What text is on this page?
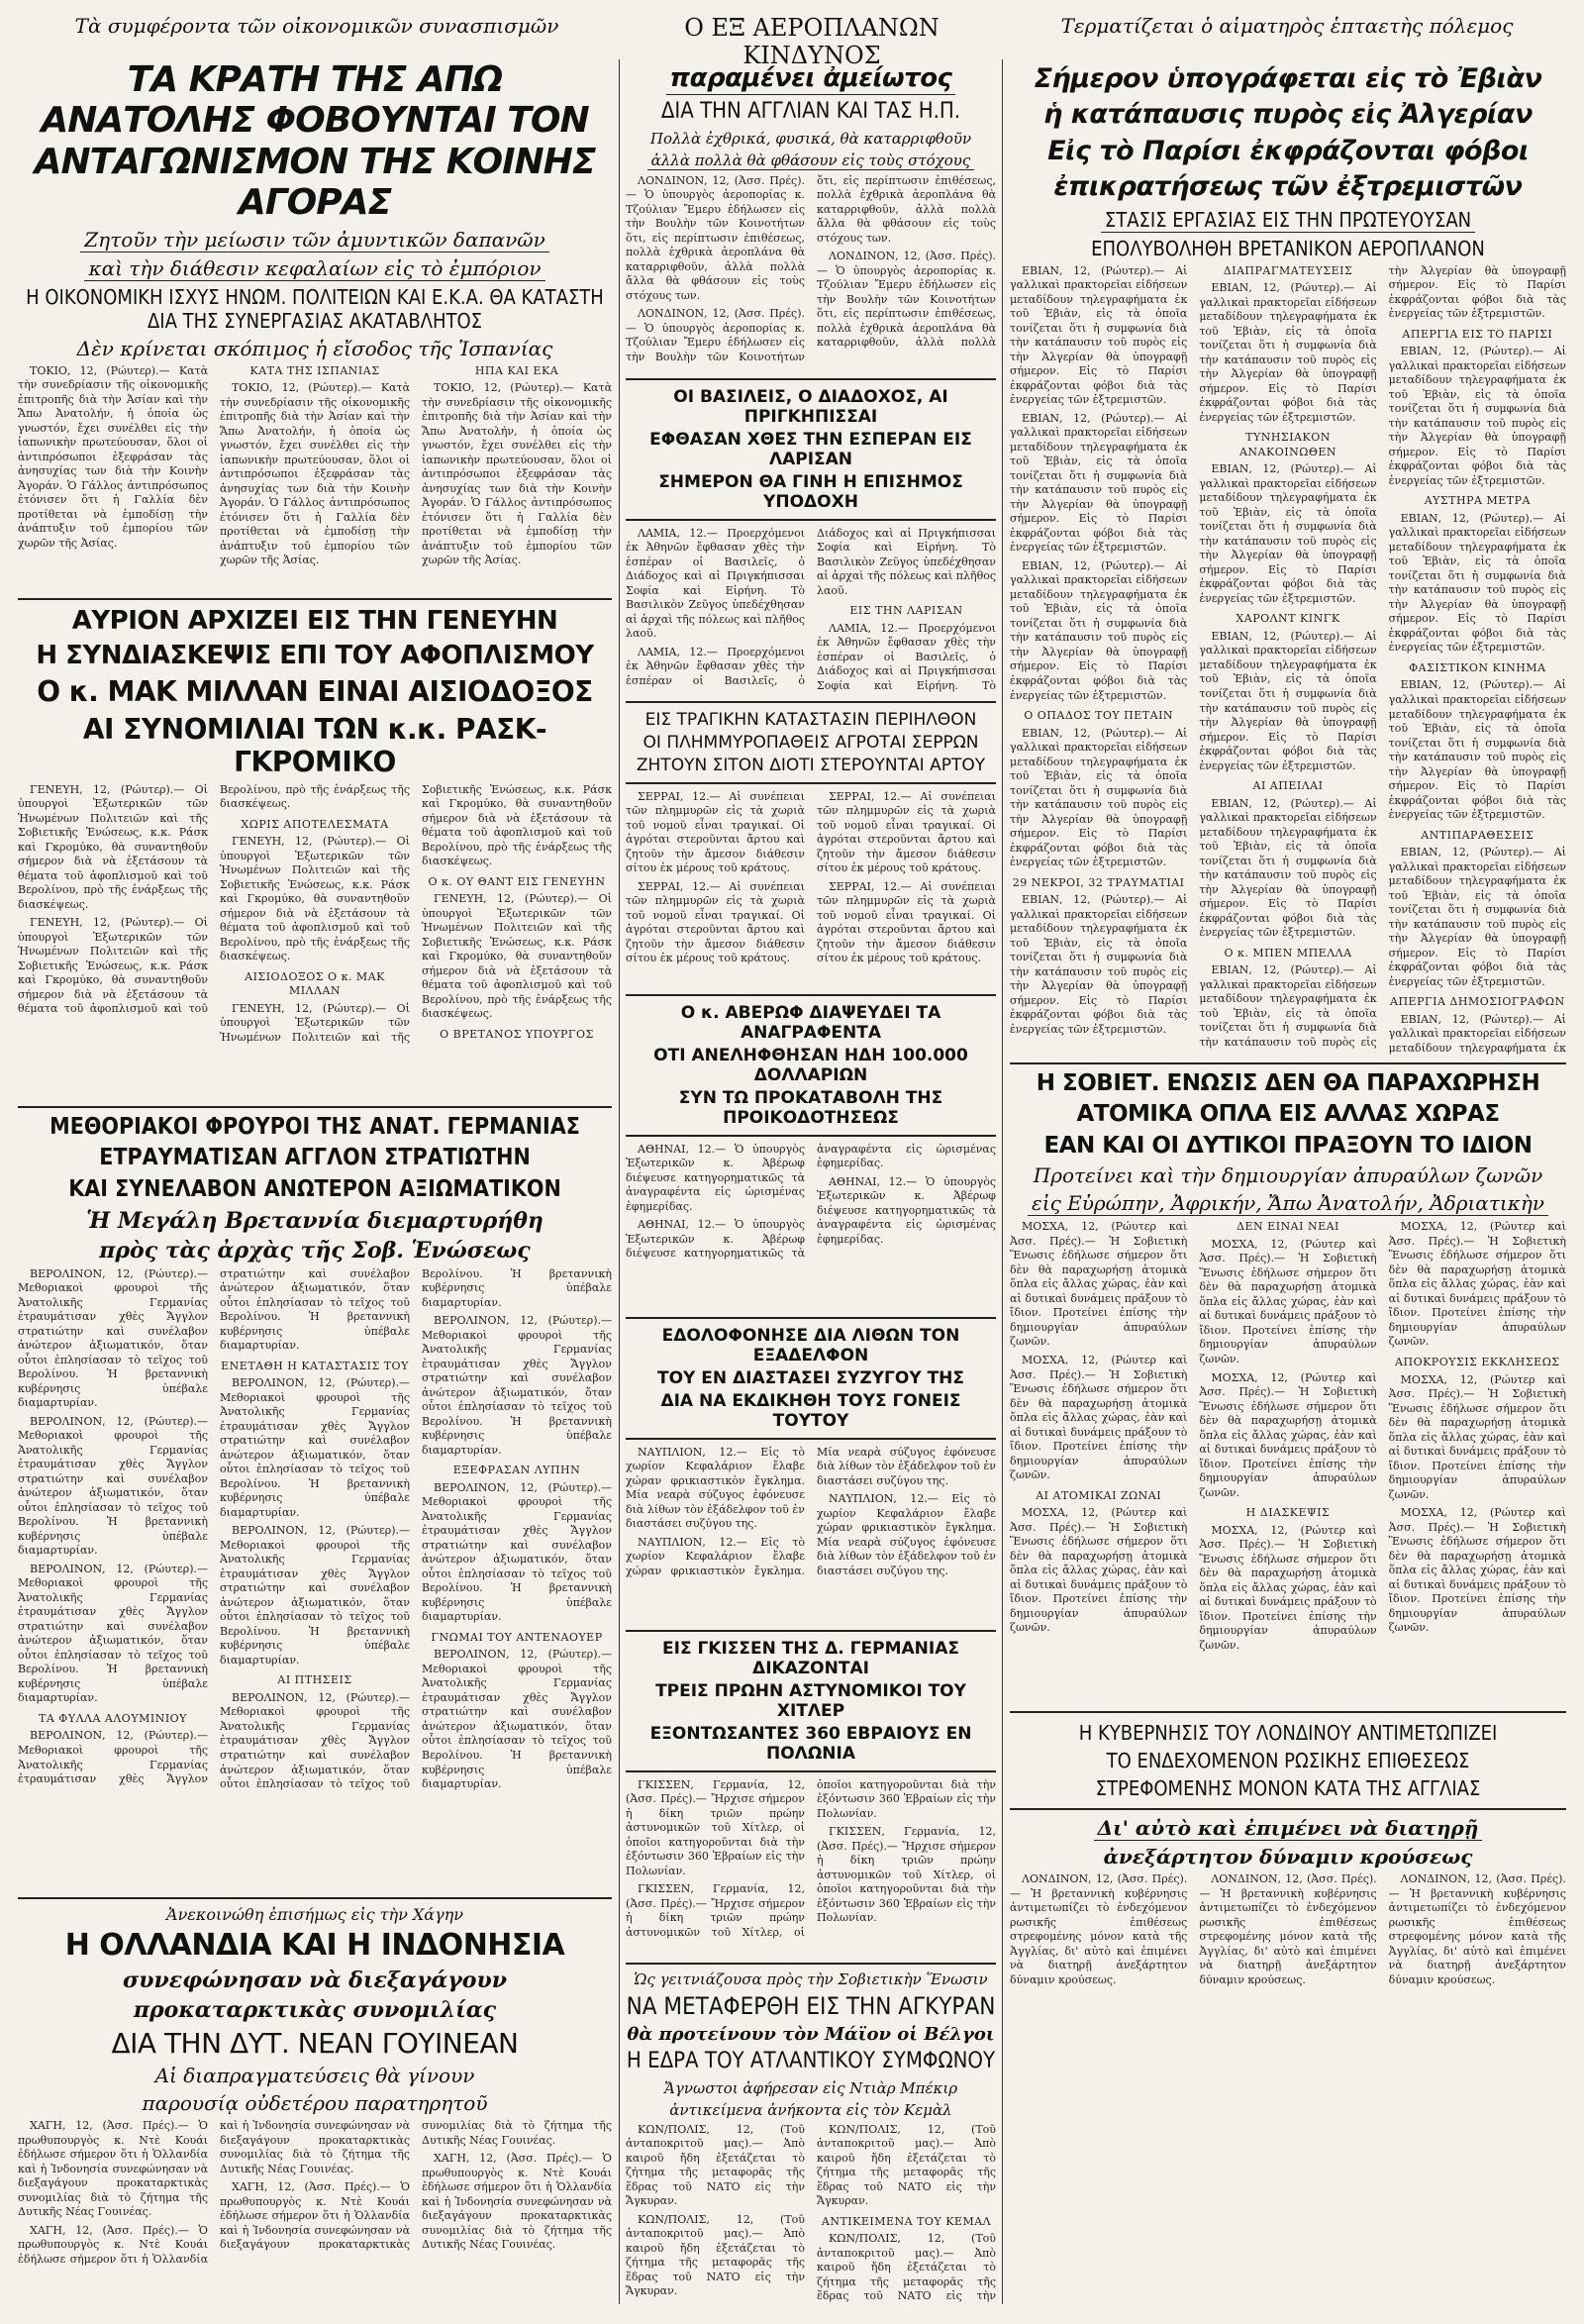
Τὰ συμφέροντα τῶν οἰκονομικῶν συνασπισμῶν	Ο ΕΞ ΑΕΡΟΠΛΑΝΩΝ ΚΙΝΔΥΝΟΣ
Τερματίζεται ὁ αἱματηρὸς ἑπταετὴς πόλεμος
ΤΑ ΚΡΑΤΗ ΤΗΣ ΑΠΩ ΑΝΑΤΟΛΗΣ ΦΟΒΟΥΝΤΑΙ ΤΟΝ ΑΝΤΑΓΩΝΙΣΜΟΝ ΤΗΣ ΚΟΙΝΗΣ ΑΓΟΡΑΣ
Ζητοῦν τὴν μείωσιν τῶν ἀμυντικῶν δαπανῶν
καὶ τὴν διάθεσιν κεφαλαίων εἰς τὸ ἐμπόριον
Η ΟΙΚΟΝΟΜΙΚΗ ΙΣΧΥΣ ΗΝΩΜ. ΠΟΛΙΤΕΙΩΝ ΚΑΙ Ε.Κ.Α. ΘΑ ΚΑΤΑΣΤΗ ΔΙΑ ΤΗΣ ΣΥΝΕΡΓΑΣΙΑΣ ΑΚΑΤΑΒΛΗΤΟΣ
Δὲν κρίνεται σκόπιμος ἡ εἴσοδος τῆς Ἰσπανίας

ΤΟΚΙΟ, 12, (Ρώυτερ).— Κατὰ τὴν συνεδρίασιν τῆς οἰκονομικῆς ἐπιτροπῆς διὰ τὴν Ἀσίαν καὶ τὴν Ἄπω Ἀνατολήν, ἡ ὁποία ὡς γνωστόν, ἔχει συνέλθει εἰς τὴν ἰαπωνικὴν πρωτεύουσαν, ὅλοι οἱ ἀντιπρόσωποι ἐξεφράσαν τὰς ἀνησυχίας των διὰ τὴν Κοινὴν Ἀγοράν. Ὁ Γάλλος ἀντιπρόσωπος ἐτόνισεν ὅτι ἡ Γαλλία δὲν προτίθεται νὰ ἐμποδίσῃ τὴν ἀνάπτυξιν τοῦ ἐμπορίου τῶν χωρῶν τῆς Ἀσίας.

ΚΑΤΑ ΤΗΣ ΙΣΠΑΝΙΑΣ

ΤΟΚΙΟ, 12, (Ρώυτερ).— Κατὰ τὴν συνεδρίασιν τῆς οἰκονομικῆς ἐπιτροπῆς διὰ τὴν Ἀσίαν καὶ τὴν Ἄπω Ἀνατολήν, ἡ ὁποία ὡς γνωστόν, ἔχει συνέλθει εἰς τὴν ἰαπωνικὴν πρωτεύουσαν, ὅλοι οἱ ἀντιπρόσωποι ἐξεφράσαν τὰς ἀνησυχίας των διὰ τὴν Κοινὴν Ἀγοράν. Ὁ Γάλλος ἀντιπρόσωπος ἐτόνισεν ὅτι ἡ Γαλλία δὲν προτίθεται νὰ ἐμποδίσῃ τὴν ἀνάπτυξιν τοῦ ἐμπορίου τῶν χωρῶν τῆς Ἀσίας.

ΗΠΑ ΚΑΙ ΕΚΑ

ΤΟΚΙΟ, 12, (Ρώυτερ).— Κατὰ τὴν συνεδρίασιν τῆς οἰκονομικῆς ἐπιτροπῆς διὰ τὴν Ἀσίαν καὶ τὴν Ἄπω Ἀνατολήν, ἡ ὁποία ὡς γνωστόν, ἔχει συνέλθει εἰς τὴν ἰαπωνικὴν πρωτεύουσαν, ὅλοι οἱ ἀντιπρόσωποι ἐξεφράσαν τὰς ἀνησυχίας των διὰ τὴν Κοινὴν Ἀγοράν. Ὁ Γάλλος ἀντιπρόσωπος ἐτόνισεν ὅτι ἡ Γαλλία δὲν προτίθεται νὰ ἐμποδίσῃ τὴν ἀνάπτυξιν τοῦ ἐμπορίου τῶν χωρῶν τῆς Ἀσίας.

ΑΥΡΙΟΝ ΑΡΧΙΖΕΙ ΕΙΣ ΤΗΝ ΓΕΝΕΥΗΝ
Η ΣΥΝΔΙΑΣΚΕΨΙΣ ΕΠΙ ΤΟΥ ΑΦΟΠΛΙΣΜΟΥ
Ο κ. ΜΑΚ ΜΙΛΛΑΝ ΕΙΝΑΙ ΑΙΣΙΟΔΟΞΟΣ
ΑΙ ΣΥΝΟΜΙΛΙΑΙ ΤΩΝ κ.κ. ΡΑΣΚ-ΓΚΡΟΜΙΚΟ

ΓΕΝΕΥΗ, 12, (Ρώυτερ).— Οἱ ὑπουργοὶ Ἐξωτερικῶν τῶν Ἡνωμένων Πολιτειῶν καὶ τῆς Σοβιετικῆς Ἑνώσεως, κ.κ. Ράσκ καὶ Γκρομύκο, θὰ συναντηθοῦν σήμερον διὰ νὰ ἐξετάσουν τὰ θέματα τοῦ ἀφοπλισμοῦ καὶ τοῦ Βερολίνου, πρὸ τῆς ἐνάρξεως τῆς διασκέψεως.

ΓΕΝΕΥΗ, 12, (Ρώυτερ).— Οἱ ὑπουργοὶ Ἐξωτερικῶν τῶν Ἡνωμένων Πολιτειῶν καὶ τῆς Σοβιετικῆς Ἑνώσεως, κ.κ. Ράσκ καὶ Γκρομύκο, θὰ συναντηθοῦν σήμερον διὰ νὰ ἐξετάσουν τὰ θέματα τοῦ ἀφοπλισμοῦ καὶ τοῦ Βερολίνου, πρὸ τῆς ἐνάρξεως τῆς διασκέψεως.

ΧΩΡΙΣ ΑΠΟΤΕΛΕΣΜΑΤΑ

ΓΕΝΕΥΗ, 12, (Ρώυτερ).— Οἱ ὑπουργοὶ Ἐξωτερικῶν τῶν Ἡνωμένων Πολιτειῶν καὶ τῆς Σοβιετικῆς Ἑνώσεως, κ.κ. Ράσκ καὶ Γκρομύκο, θὰ συναντηθοῦν σήμερον διὰ νὰ ἐξετάσουν τὰ θέματα τοῦ ἀφοπλισμοῦ καὶ τοῦ Βερολίνου, πρὸ τῆς ἐνάρξεως τῆς διασκέψεως.

ΑΙΣΙΟΔΟΞΟΣ Ο κ. ΜΑΚ ΜΙΛΛΑΝ

ΓΕΝΕΥΗ, 12, (Ρώυτερ).— Οἱ ὑπουργοὶ Ἐξωτερικῶν τῶν Ἡνωμένων Πολιτειῶν καὶ τῆς Σοβιετικῆς Ἑνώσεως, κ.κ. Ράσκ καὶ Γκρομύκο, θὰ συναντηθοῦν σήμερον διὰ νὰ ἐξετάσουν τὰ θέματα τοῦ ἀφοπλισμοῦ καὶ τοῦ Βερολίνου, πρὸ τῆς ἐνάρξεως τῆς διασκέψεως.

Ο κ. ΟΥ ΘΑΝΤ ΕΙΣ ΓΕΝΕΥΗΝ

ΓΕΝΕΥΗ, 12, (Ρώυτερ).— Οἱ ὑπουργοὶ Ἐξωτερικῶν τῶν Ἡνωμένων Πολιτειῶν καὶ τῆς Σοβιετικῆς Ἑνώσεως, κ.κ. Ράσκ καὶ Γκρομύκο, θὰ συναντηθοῦν σήμερον διὰ νὰ ἐξετάσουν τὰ θέματα τοῦ ἀφοπλισμοῦ καὶ τοῦ Βερολίνου, πρὸ τῆς ἐνάρξεως τῆς διασκέψεως.

Ο ΒΡΕΤΑΝΟΣ ΥΠΟΥΡΓΟΣ
ΜΕΘΟΡΙΑΚΟΙ ΦΡΟΥΡΟΙ ΤΗΣ ΑΝΑΤ. ΓΕΡΜΑΝΙΑΣ
ΕΤΡΑΥΜΑΤΙΣΑΝ ΑΓΓΛΟΝ ΣΤΡΑΤΙΩΤΗΝ
ΚΑΙ ΣΥΝΕΛΑΒΟΝ ΑΝΩΤΕΡΟΝ ΑΞΙΩΜΑΤΙΚΟΝ
Ἡ Μεγάλη Βρεταννία διεμαρτυρήθη
πρὸς τὰς ἀρχὰς τῆς Σοβ. Ἑνώσεως

ΒΕΡΟΛΙΝΟΝ, 12, (Ρώυτερ).— Μεθοριακοὶ φρουροὶ τῆς Ἀνατολικῆς Γερμανίας ἐτραυμάτισαν χθὲς Ἄγγλον στρατιώτην καὶ συνέλαβον ἀνώτερον ἀξιωματικόν, ὅταν οὗτοι ἐπλησίασαν τὸ τεῖχος τοῦ Βερολίνου. Ἡ βρεταννικὴ κυβέρνησις ὑπέβαλε διαμαρτυρίαν.

ΒΕΡΟΛΙΝΟΝ, 12, (Ρώυτερ).— Μεθοριακοὶ φρουροὶ τῆς Ἀνατολικῆς Γερμανίας ἐτραυμάτισαν χθὲς Ἄγγλον στρατιώτην καὶ συνέλαβον ἀνώτερον ἀξιωματικόν, ὅταν οὗτοι ἐπλησίασαν τὸ τεῖχος τοῦ Βερολίνου. Ἡ βρεταννικὴ κυβέρνησις ὑπέβαλε διαμαρτυρίαν.

ΒΕΡΟΛΙΝΟΝ, 12, (Ρώυτερ).— Μεθοριακοὶ φρουροὶ τῆς Ἀνατολικῆς Γερμανίας ἐτραυμάτισαν χθὲς Ἄγγλον στρατιώτην καὶ συνέλαβον ἀνώτερον ἀξιωματικόν, ὅταν οὗτοι ἐπλησίασαν τὸ τεῖχος τοῦ Βερολίνου. Ἡ βρεταννικὴ κυβέρνησις ὑπέβαλε διαμαρτυρίαν.

ΤΑ ΦΥΛΛΑ ΑΛΟΥΜΙΝΙΟΥ

ΒΕΡΟΛΙΝΟΝ, 12, (Ρώυτερ).— Μεθοριακοὶ φρουροὶ τῆς Ἀνατολικῆς Γερμανίας ἐτραυμάτισαν χθὲς Ἄγγλον στρατιώτην καὶ συνέλαβον ἀνώτερον ἀξιωματικόν, ὅταν οὗτοι ἐπλησίασαν τὸ τεῖχος τοῦ Βερολίνου. Ἡ βρεταννικὴ κυβέρνησις ὑπέβαλε διαμαρτυρίαν.

ΕΝΕΤΑΘΗ Η ΚΑΤΑΣΤΑΣΙΣ ΤΟΥ

ΒΕΡΟΛΙΝΟΝ, 12, (Ρώυτερ).— Μεθοριακοὶ φρουροὶ τῆς Ἀνατολικῆς Γερμανίας ἐτραυμάτισαν χθὲς Ἄγγλον στρατιώτην καὶ συνέλαβον ἀνώτερον ἀξιωματικόν, ὅταν οὗτοι ἐπλησίασαν τὸ τεῖχος τοῦ Βερολίνου. Ἡ βρεταννικὴ κυβέρνησις ὑπέβαλε διαμαρτυρίαν.

ΒΕΡΟΛΙΝΟΝ, 12, (Ρώυτερ).— Μεθοριακοὶ φρουροὶ τῆς Ἀνατολικῆς Γερμανίας ἐτραυμάτισαν χθὲς Ἄγγλον στρατιώτην καὶ συνέλαβον ἀνώτερον ἀξιωματικόν, ὅταν οὗτοι ἐπλησίασαν τὸ τεῖχος τοῦ Βερολίνου. Ἡ βρεταννικὴ κυβέρνησις ὑπέβαλε διαμαρτυρίαν.

ΑΙ ΠΤΗΣΕΙΣ

ΒΕΡΟΛΙΝΟΝ, 12, (Ρώυτερ).— Μεθοριακοὶ φρουροὶ τῆς Ἀνατολικῆς Γερμανίας ἐτραυμάτισαν χθὲς Ἄγγλον στρατιώτην καὶ συνέλαβον ἀνώτερον ἀξιωματικόν, ὅταν οὗτοι ἐπλησίασαν τὸ τεῖχος τοῦ Βερολίνου. Ἡ βρεταννικὴ κυβέρνησις ὑπέβαλε διαμαρτυρίαν.

ΒΕΡΟΛΙΝΟΝ, 12, (Ρώυτερ).— Μεθοριακοὶ φρουροὶ τῆς Ἀνατολικῆς Γερμανίας ἐτραυμάτισαν χθὲς Ἄγγλον στρατιώτην καὶ συνέλαβον ἀνώτερον ἀξιωματικόν, ὅταν οὗτοι ἐπλησίασαν τὸ τεῖχος τοῦ Βερολίνου. Ἡ βρεταννικὴ κυβέρνησις ὑπέβαλε διαμαρτυρίαν.

ΕΞΕΦΡΑΣΑΝ ΛΥΠΗΝ

ΒΕΡΟΛΙΝΟΝ, 12, (Ρώυτερ).— Μεθοριακοὶ φρουροὶ τῆς Ἀνατολικῆς Γερμανίας ἐτραυμάτισαν χθὲς Ἄγγλον στρατιώτην καὶ συνέλαβον ἀνώτερον ἀξιωματικόν, ὅταν οὗτοι ἐπλησίασαν τὸ τεῖχος τοῦ Βερολίνου. Ἡ βρεταννικὴ κυβέρνησις ὑπέβαλε διαμαρτυρίαν.

ΓΝΩΜΑΙ ΤΟΥ ΑΝΤΕΝΑΟΥΕΡ

ΒΕΡΟΛΙΝΟΝ, 12, (Ρώυτερ).— Μεθοριακοὶ φρουροὶ τῆς Ἀνατολικῆς Γερμανίας ἐτραυμάτισαν χθὲς Ἄγγλον στρατιώτην καὶ συνέλαβον ἀνώτερον ἀξιωματικόν, ὅταν οὗτοι ἐπλησίασαν τὸ τεῖχος τοῦ Βερολίνου. Ἡ βρεταννικὴ κυβέρνησις ὑπέβαλε διαμαρτυρίαν.

Ἀνεκοινώθη ἐπισήμως εἰς τὴν Χάγην
Η ΟΛΛΑΝΔΙΑ ΚΑΙ Η ΙΝΔΟΝΗΣΙΑ
συνεφώνησαν νὰ διεξαγάγουν
προκαταρκτικὰς συνομιλίας
ΔΙΑ ΤΗΝ ΔΥΤ. ΝΕΑΝ ΓΟΥΙΝΕΑΝ
Αἱ διαπραγματεύσεις θὰ γίνουν
παρουσίᾳ οὐδετέρου παρατηρητοῦ

ΧΑΓΗ, 12, (Ἀσσ. Πρές).— Ὁ πρωθυπουργὸς κ. Ντὲ Κουάι ἐδήλωσε σήμερον ὅτι ἡ Ὁλλανδία καὶ ἡ Ἰνδονησία συνεφώνησαν νὰ διεξαγάγουν προκαταρκτικὰς συνομιλίας διὰ τὸ ζήτημα τῆς Δυτικῆς Νέας Γουινέας.

ΧΑΓΗ, 12, (Ἀσσ. Πρές).— Ὁ πρωθυπουργὸς κ. Ντὲ Κουάι ἐδήλωσε σήμερον ὅτι ἡ Ὁλλανδία καὶ ἡ Ἰνδονησία συνεφώνησαν νὰ διεξαγάγουν προκαταρκτικὰς συνομιλίας διὰ τὸ ζήτημα τῆς Δυτικῆς Νέας Γουινέας.

ΧΑΓΗ, 12, (Ἀσσ. Πρές).— Ὁ πρωθυπουργὸς κ. Ντὲ Κουάι ἐδήλωσε σήμερον ὅτι ἡ Ὁλλανδία καὶ ἡ Ἰνδονησία συνεφώνησαν νὰ διεξαγάγουν προκαταρκτικὰς συνομιλίας διὰ τὸ ζήτημα τῆς Δυτικῆς Νέας Γουινέας.

ΧΑΓΗ, 12, (Ἀσσ. Πρές).— Ὁ πρωθυπουργὸς κ. Ντὲ Κουάι ἐδήλωσε σήμερον ὅτι ἡ Ὁλλανδία καὶ ἡ Ἰνδονησία συνεφώνησαν νὰ διεξαγάγουν προκαταρκτικὰς συνομιλίας διὰ τὸ ζήτημα τῆς Δυτικῆς Νέας Γουινέας.

παραμένει ἀμείωτος
ΔΙΑ ΤΗΝ ΑΓΓΛΙΑΝ ΚΑΙ ΤΑΣ Η.Π.
Πολλὰ ἐχθρικά, φυσικά, θὰ καταρριφθοῦν
ἀλλὰ πολλὰ θὰ φθάσουν εἰς τοὺς στόχους

ΛΟΝΔΙΝΟΝ, 12, (Ἀσσ. Πρές).— Ὁ ὑπουργὸς ἀεροπορίας κ. Τζούλιαν Ἔμερυ ἐδήλωσεν εἰς τὴν Βουλὴν τῶν Κοινοτήτων ὅτι, εἰς περίπτωσιν ἐπιθέσεως, πολλὰ ἐχθρικὰ ἀεροπλάνα θὰ καταρριφθοῦν, ἀλλὰ πολλὰ ἄλλα θὰ φθάσουν εἰς τοὺς στόχους των.

ΛΟΝΔΙΝΟΝ, 12, (Ἀσσ. Πρές).— Ὁ ὑπουργὸς ἀεροπορίας κ. Τζούλιαν Ἔμερυ ἐδήλωσεν εἰς τὴν Βουλὴν τῶν Κοινοτήτων ὅτι, εἰς περίπτωσιν ἐπιθέσεως, πολλὰ ἐχθρικὰ ἀεροπλάνα θὰ καταρριφθοῦν, ἀλλὰ πολλὰ ἄλλα θὰ φθάσουν εἰς τοὺς στόχους των.

ΛΟΝΔΙΝΟΝ, 12, (Ἀσσ. Πρές).— Ὁ ὑπουργὸς ἀεροπορίας κ. Τζούλιαν Ἔμερυ ἐδήλωσεν εἰς τὴν Βουλὴν τῶν Κοινοτήτων ὅτι, εἰς περίπτωσιν ἐπιθέσεως, πολλὰ ἐχθρικὰ ἀεροπλάνα θὰ καταρριφθοῦν, ἀλλὰ πολλὰ

ΟΙ ΒΑΣΙΛΕΙΣ, Ο ΔΙΑΔΟΧΟΣ, ΑΙ ΠΡΙΓΚΗΠΙΣΣΑΙ
ΕΦΘΑΣΑΝ ΧΘΕΣ ΤΗΝ ΕΣΠΕΡΑΝ ΕΙΣ ΛΑΡΙΣΑΝ
ΣΗΜΕΡΟΝ ΘΑ ΓΙΝΗ Η ΕΠΙΣΗΜΟΣ ΥΠΟΔΟΧΗ

ΛΑΜΙΑ, 12.— Προερχόμενοι ἐκ Ἀθηνῶν ἔφθασαν χθὲς τὴν ἑσπέραν οἱ Βασιλεῖς, ὁ Διάδοχος καὶ αἱ Πριγκήπισσαι Σοφία καὶ Εἰρήνη. Τὸ Βασιλικὸν Ζεῦγος ὑπεδέχθησαν αἱ ἀρχαὶ τῆς πόλεως καὶ πλῆθος λαοῦ.

ΛΑΜΙΑ, 12.— Προερχόμενοι ἐκ Ἀθηνῶν ἔφθασαν χθὲς τὴν ἑσπέραν οἱ Βασιλεῖς, ὁ Διάδοχος καὶ αἱ Πριγκήπισσαι Σοφία καὶ Εἰρήνη. Τὸ Βασιλικὸν Ζεῦγος ὑπεδέχθησαν αἱ ἀρχαὶ τῆς πόλεως καὶ πλῆθος λαοῦ.

ΕΙΣ ΤΗΝ ΛΑΡΙΣΑΝ

ΛΑΜΙΑ, 12.— Προερχόμενοι ἐκ Ἀθηνῶν ἔφθασαν χθὲς τὴν ἑσπέραν οἱ Βασιλεῖς, ὁ Διάδοχος καὶ αἱ Πριγκήπισσαι Σοφία καὶ Εἰρήνη. Τὸ

ΕΙΣ ΤΡΑΓΙΚΗΝ ΚΑΤΑΣΤΑΣΙΝ ΠΕΡΙΗΛΘΟΝ
ΟΙ ΠΛΗΜΜΥΡΟΠΑΘΕΙΣ ΑΓΡΟΤΑΙ ΣΕΡΡΩΝ
ΖΗΤΟΥΝ ΣΙΤΟΝ ΔΙΟΤΙ ΣΤΕΡΟΥΝΤΑΙ ΑΡΤΟΥ

ΣΕΡΡΑΙ, 12.— Αἱ συνέπειαι τῶν πλημμυρῶν εἰς τὰ χωριὰ τοῦ νομοῦ εἶναι τραγικαί. Οἱ ἀγρόται στεροῦνται ἄρτου καὶ ζητοῦν τὴν ἄμεσον διάθεσιν σίτου ἐκ μέρους τοῦ κράτους.

ΣΕΡΡΑΙ, 12.— Αἱ συνέπειαι τῶν πλημμυρῶν εἰς τὰ χωριὰ τοῦ νομοῦ εἶναι τραγικαί. Οἱ ἀγρόται στεροῦνται ἄρτου καὶ ζητοῦν τὴν ἄμεσον διάθεσιν σίτου ἐκ μέρους τοῦ κράτους.

ΣΕΡΡΑΙ, 12.— Αἱ συνέπειαι τῶν πλημμυρῶν εἰς τὰ χωριὰ τοῦ νομοῦ εἶναι τραγικαί. Οἱ ἀγρόται στεροῦνται ἄρτου καὶ ζητοῦν τὴν ἄμεσον διάθεσιν σίτου ἐκ μέρους τοῦ κράτους.

ΣΕΡΡΑΙ, 12.— Αἱ συνέπειαι τῶν πλημμυρῶν εἰς τὰ χωριὰ τοῦ νομοῦ εἶναι τραγικαί. Οἱ ἀγρόται στεροῦνται ἄρτου καὶ ζητοῦν τὴν ἄμεσον διάθεσιν σίτου ἐκ μέρους τοῦ κράτους.

Ο κ. ΑΒΕΡΩΦ ΔΙΑΨΕΥΔΕΙ ΤΑ ΑΝΑΓΡΑΦΕΝΤΑ
ΟΤΙ ΑΝΕΛΗΦΘΗΣΑΝ ΗΔΗ 100.000 ΔΟΛΛΑΡΙΩΝ
ΣΥΝ ΤΩ ΠΡΟΚΑΤΑΒΟΛΗ ΤΗΣ ΠΡΟΙΚΟΔΟΤΗΣΕΩΣ

ΑΘΗΝΑΙ, 12.— Ὁ ὑπουργὸς Ἐξωτερικῶν κ. Ἀβέρωφ διέψευσε κατηγορηματικῶς τὰ ἀναγραφέντα εἰς ὡρισμένας ἐφημερίδας.

ΑΘΗΝΑΙ, 12.— Ὁ ὑπουργὸς Ἐξωτερικῶν κ. Ἀβέρωφ διέψευσε κατηγορηματικῶς τὰ ἀναγραφέντα εἰς ὡρισμένας ἐφημερίδας.

ΑΘΗΝΑΙ, 12.— Ὁ ὑπουργὸς Ἐξωτερικῶν κ. Ἀβέρωφ διέψευσε κατηγορηματικῶς τὰ ἀναγραφέντα εἰς ὡρισμένας ἐφημερίδας.

ΕΔΟΛΟΦΟΝΗΣΕ ΔΙΑ ΛΙΘΩΝ ΤΟΝ ΕΞΑΔΕΛΦΟΝ
ΤΟΥ ΕΝ ΔΙΑΣΤΑΣΕΙ ΣΥΖΥΓΟΥ ΤΗΣ
ΔΙΑ ΝΑ ΕΚΔΙΚΗΘΗ ΤΟΥΣ ΓΟΝΕΙΣ ΤΟΥΤΟΥ

ΝΑΥΠΛΙΟΝ, 12.— Εἰς τὸ χωρίον Κεφαλάριον ἔλαβε χώραν φρικιαστικὸν ἔγκλημα. Μία νεαρὰ σύζυγος ἐφόνευσε διὰ λίθων τὸν ἐξάδελφον τοῦ ἐν διαστάσει συζύγου της.

ΝΑΥΠΛΙΟΝ, 12.— Εἰς τὸ χωρίον Κεφαλάριον ἔλαβε χώραν φρικιαστικὸν ἔγκλημα. Μία νεαρὰ σύζυγος ἐφόνευσε διὰ λίθων τὸν ἐξάδελφον τοῦ ἐν διαστάσει συζύγου της.

ΝΑΥΠΛΙΟΝ, 12.— Εἰς τὸ χωρίον Κεφαλάριον ἔλαβε χώραν φρικιαστικὸν ἔγκλημα. Μία νεαρὰ σύζυγος ἐφόνευσε διὰ λίθων τὸν ἐξάδελφον τοῦ ἐν διαστάσει συζύγου της.

ΕΙΣ ΓΚΙΣΣΕΝ ΤΗΣ Δ. ΓΕΡΜΑΝΙΑΣ ΔΙΚΑΖΟΝΤΑΙ
ΤΡΕΙΣ ΠΡΩΗΝ ΑΣΤΥΝΟΜΙΚΟΙ ΤΟΥ ΧΙΤΛΕΡ
ΕΞΟΝΤΩΣΑΝΤΕΣ 360 ΕΒΡΑΙΟΥΣ ΕΝ ΠΟΛΩΝΙΑ

ΓΚΙΣΣΕΝ, Γερμανία, 12, (Ἀσσ. Πρές).— Ἤρχισε σήμερον ἡ δίκη τριῶν πρώην ἀστυνομικῶν τοῦ Χίτλερ, οἱ ὁποῖοι κατηγοροῦνται διὰ τὴν ἐξόντωσιν 360 Ἑβραίων εἰς τὴν Πολωνίαν.

ΓΚΙΣΣΕΝ, Γερμανία, 12, (Ἀσσ. Πρές).— Ἤρχισε σήμερον ἡ δίκη τριῶν πρώην ἀστυνομικῶν τοῦ Χίτλερ, οἱ ὁποῖοι κατηγοροῦνται διὰ τὴν ἐξόντωσιν 360 Ἑβραίων εἰς τὴν Πολωνίαν.

ΓΚΙΣΣΕΝ, Γερμανία, 12, (Ἀσσ. Πρές).— Ἤρχισε σήμερον ἡ δίκη τριῶν πρώην ἀστυνομικῶν τοῦ Χίτλερ, οἱ ὁποῖοι κατηγοροῦνται διὰ τὴν ἐξόντωσιν 360 Ἑβραίων εἰς τὴν Πολωνίαν.

Ὡς γειτνιάζουσα πρὸς τὴν Σοβιετικὴν Ἕνωσιν
ΝΑ ΜΕΤΑΦΕΡΘΗ ΕΙΣ ΤΗΝ ΑΓΚΥΡΑΝ
θὰ προτείνουν τὸν Μάϊον οἱ Βέλγοι
Η ΕΔΡΑ ΤΟΥ ΑΤΛΑΝΤΙΚΟΥ ΣΥΜΦΩΝΟΥ
Ἄγνωστοι ἀφήρεσαν εἰς Ντιὰρ Μπέκιρ
ἀντικείμενα ἀνήκοντα εἰς τὸν Κεμὰλ

ΚΩΝ/ΠΟΛΙΣ, 12, (Τοῦ ἀνταποκριτοῦ μας).— Ἀπὸ καιροῦ ἤδη ἐξετάζεται τὸ ζήτημα τῆς μεταφορᾶς τῆς ἕδρας τοῦ ΝΑΤΟ εἰς τὴν Ἄγκυραν.

ΚΩΝ/ΠΟΛΙΣ, 12, (Τοῦ ἀνταποκριτοῦ μας).— Ἀπὸ καιροῦ ἤδη ἐξετάζεται τὸ ζήτημα τῆς μεταφορᾶς τῆς ἕδρας τοῦ ΝΑΤΟ εἰς τὴν Ἄγκυραν.

ΚΩΝ/ΠΟΛΙΣ, 12, (Τοῦ ἀνταποκριτοῦ μας).— Ἀπὸ καιροῦ ἤδη ἐξετάζεται τὸ ζήτημα τῆς μεταφορᾶς τῆς ἕδρας τοῦ ΝΑΤΟ εἰς τὴν Ἄγκυραν.

ΑΝΤΙΚΕΙΜΕΝΑ ΤΟΥ ΚΕΜΑΛ

ΚΩΝ/ΠΟΛΙΣ, 12, (Τοῦ ἀνταποκριτοῦ μας).— Ἀπὸ καιροῦ ἤδη ἐξετάζεται τὸ ζήτημα τῆς μεταφορᾶς τῆς ἕδρας τοῦ ΝΑΤΟ εἰς τὴν

Σήμερον ὑπογράφεται εἰς τὸ Ἐβιὰν
ἡ κατάπαυσις πυρὸς εἰς Ἀλγερίαν
Εἰς τὸ Παρίσι ἐκφράζονται φόβοι
ἐπικρατήσεως τῶν ἐξτρεμιστῶν
ΣΤΑΣΙΣ ΕΡΓΑΣΙΑΣ ΕΙΣ ΤΗΝ ΠΡΩΤΕΥΟΥΣΑΝ
ΕΠΟΛΥΒΟΛΗΘΗ ΒΡΕΤΑΝΙΚΟΝ ΑΕΡΟΠΛΑΝΟΝ

ΕΒΙΑΝ, 12, (Ρώυτερ).— Αἱ γαλλικαὶ πρακτορεῖαι εἰδήσεων μεταδίδουν τηλεγραφήματα ἐκ τοῦ Ἐβιὰν, εἰς τὰ ὁποῖα τονίζεται ὅτι ἡ συμφωνία διὰ τὴν κατάπαυσιν τοῦ πυρὸς εἰς τὴν Ἀλγερίαν θὰ ὑπογραφῇ σήμερον. Εἰς τὸ Παρίσι ἐκφράζονται φόβοι διὰ τὰς ἐνεργείας τῶν ἐξτρεμιστῶν.

ΕΒΙΑΝ, 12, (Ρώυτερ).— Αἱ γαλλικαὶ πρακτορεῖαι εἰδήσεων μεταδίδουν τηλεγραφήματα ἐκ τοῦ Ἐβιὰν, εἰς τὰ ὁποῖα τονίζεται ὅτι ἡ συμφωνία διὰ τὴν κατάπαυσιν τοῦ πυρὸς εἰς τὴν Ἀλγερίαν θὰ ὑπογραφῇ σήμερον. Εἰς τὸ Παρίσι ἐκφράζονται φόβοι διὰ τὰς ἐνεργείας τῶν ἐξτρεμιστῶν.

ΕΒΙΑΝ, 12, (Ρώυτερ).— Αἱ γαλλικαὶ πρακτορεῖαι εἰδήσεων μεταδίδουν τηλεγραφήματα ἐκ τοῦ Ἐβιὰν, εἰς τὰ ὁποῖα τονίζεται ὅτι ἡ συμφωνία διὰ τὴν κατάπαυσιν τοῦ πυρὸς εἰς τὴν Ἀλγερίαν θὰ ὑπογραφῇ σήμερον. Εἰς τὸ Παρίσι ἐκφράζονται φόβοι διὰ τὰς ἐνεργείας τῶν ἐξτρεμιστῶν.

Ο ΟΠΑΔΟΣ ΤΟΥ ΠΕΤΑΙΝ

ΕΒΙΑΝ, 12, (Ρώυτερ).— Αἱ γαλλικαὶ πρακτορεῖαι εἰδήσεων μεταδίδουν τηλεγραφήματα ἐκ τοῦ Ἐβιὰν, εἰς τὰ ὁποῖα τονίζεται ὅτι ἡ συμφωνία διὰ τὴν κατάπαυσιν τοῦ πυρὸς εἰς τὴν Ἀλγερίαν θὰ ὑπογραφῇ σήμερον. Εἰς τὸ Παρίσι ἐκφράζονται φόβοι διὰ τὰς ἐνεργείας τῶν ἐξτρεμιστῶν.

29 ΝΕΚΡΟΙ, 32 ΤΡΑΥΜΑΤΙΑΙ

ΕΒΙΑΝ, 12, (Ρώυτερ).— Αἱ γαλλικαὶ πρακτορεῖαι εἰδήσεων μεταδίδουν τηλεγραφήματα ἐκ τοῦ Ἐβιὰν, εἰς τὰ ὁποῖα τονίζεται ὅτι ἡ συμφωνία διὰ τὴν κατάπαυσιν τοῦ πυρὸς εἰς τὴν Ἀλγερίαν θὰ ὑπογραφῇ σήμερον. Εἰς τὸ Παρίσι ἐκφράζονται φόβοι διὰ τὰς ἐνεργείας τῶν ἐξτρεμιστῶν.

ΔΙΑΠΡΑΓΜΑΤΕΥΣΕΙΣ

ΕΒΙΑΝ, 12, (Ρώυτερ).— Αἱ γαλλικαὶ πρακτορεῖαι εἰδήσεων μεταδίδουν τηλεγραφήματα ἐκ τοῦ Ἐβιὰν, εἰς τὰ ὁποῖα τονίζεται ὅτι ἡ συμφωνία διὰ τὴν κατάπαυσιν τοῦ πυρὸς εἰς τὴν Ἀλγερίαν θὰ ὑπογραφῇ σήμερον. Εἰς τὸ Παρίσι ἐκφράζονται φόβοι διὰ τὰς ἐνεργείας τῶν ἐξτρεμιστῶν.

ΤΥΝΗΣΙΑΚΟΝ ΑΝΑΚΟΙΝΩΘΕΝ

ΕΒΙΑΝ, 12, (Ρώυτερ).— Αἱ γαλλικαὶ πρακτορεῖαι εἰδήσεων μεταδίδουν τηλεγραφήματα ἐκ τοῦ Ἐβιὰν, εἰς τὰ ὁποῖα τονίζεται ὅτι ἡ συμφωνία διὰ τὴν κατάπαυσιν τοῦ πυρὸς εἰς τὴν Ἀλγερίαν θὰ ὑπογραφῇ σήμερον. Εἰς τὸ Παρίσι ἐκφράζονται φόβοι διὰ τὰς ἐνεργείας τῶν ἐξτρεμιστῶν.

ΧΑΡΟΛΝΤ ΚΙΝΓΚ

ΕΒΙΑΝ, 12, (Ρώυτερ).— Αἱ γαλλικαὶ πρακτορεῖαι εἰδήσεων μεταδίδουν τηλεγραφήματα ἐκ τοῦ Ἐβιὰν, εἰς τὰ ὁποῖα τονίζεται ὅτι ἡ συμφωνία διὰ τὴν κατάπαυσιν τοῦ πυρὸς εἰς τὴν Ἀλγερίαν θὰ ὑπογραφῇ σήμερον. Εἰς τὸ Παρίσι ἐκφράζονται φόβοι διὰ τὰς ἐνεργείας τῶν ἐξτρεμιστῶν.

ΑΙ ΑΠΕΙΛΑΙ

ΕΒΙΑΝ, 12, (Ρώυτερ).— Αἱ γαλλικαὶ πρακτορεῖαι εἰδήσεων μεταδίδουν τηλεγραφήματα ἐκ τοῦ Ἐβιὰν, εἰς τὰ ὁποῖα τονίζεται ὅτι ἡ συμφωνία διὰ τὴν κατάπαυσιν τοῦ πυρὸς εἰς τὴν Ἀλγερίαν θὰ ὑπογραφῇ σήμερον. Εἰς τὸ Παρίσι ἐκφράζονται φόβοι διὰ τὰς ἐνεργείας τῶν ἐξτρεμιστῶν.

Ο κ. ΜΠΕΝ ΜΠΕΛΛΑ

ΕΒΙΑΝ, 12, (Ρώυτερ).— Αἱ γαλλικαὶ πρακτορεῖαι εἰδήσεων μεταδίδουν τηλεγραφήματα ἐκ τοῦ Ἐβιὰν, εἰς τὰ ὁποῖα τονίζεται ὅτι ἡ συμφωνία διὰ τὴν κατάπαυσιν τοῦ πυρὸς εἰς τὴν Ἀλγερίαν θὰ ὑπογραφῇ σήμερον. Εἰς τὸ Παρίσι ἐκφράζονται φόβοι διὰ τὰς ἐνεργείας τῶν ἐξτρεμιστῶν.

ΑΠΕΡΓΙΑ ΕΙΣ ΤΟ ΠΑΡΙΣΙ

ΕΒΙΑΝ, 12, (Ρώυτερ).— Αἱ γαλλικαὶ πρακτορεῖαι εἰδήσεων μεταδίδουν τηλεγραφήματα ἐκ τοῦ Ἐβιὰν, εἰς τὰ ὁποῖα τονίζεται ὅτι ἡ συμφωνία διὰ τὴν κατάπαυσιν τοῦ πυρὸς εἰς τὴν Ἀλγερίαν θὰ ὑπογραφῇ σήμερον. Εἰς τὸ Παρίσι ἐκφράζονται φόβοι διὰ τὰς ἐνεργείας τῶν ἐξτρεμιστῶν.

ΑΥΣΤΗΡΑ ΜΕΤΡΑ

ΕΒΙΑΝ, 12, (Ρώυτερ).— Αἱ γαλλικαὶ πρακτορεῖαι εἰδήσεων μεταδίδουν τηλεγραφήματα ἐκ τοῦ Ἐβιὰν, εἰς τὰ ὁποῖα τονίζεται ὅτι ἡ συμφωνία διὰ τὴν κατάπαυσιν τοῦ πυρὸς εἰς τὴν Ἀλγερίαν θὰ ὑπογραφῇ σήμερον. Εἰς τὸ Παρίσι ἐκφράζονται φόβοι διὰ τὰς ἐνεργείας τῶν ἐξτρεμιστῶν.

ΦΑΣΙΣΤΙΚΟΝ ΚΙΝΗΜΑ

ΕΒΙΑΝ, 12, (Ρώυτερ).— Αἱ γαλλικαὶ πρακτορεῖαι εἰδήσεων μεταδίδουν τηλεγραφήματα ἐκ τοῦ Ἐβιὰν, εἰς τὰ ὁποῖα τονίζεται ὅτι ἡ συμφωνία διὰ τὴν κατάπαυσιν τοῦ πυρὸς εἰς τὴν Ἀλγερίαν θὰ ὑπογραφῇ σήμερον. Εἰς τὸ Παρίσι ἐκφράζονται φόβοι διὰ τὰς ἐνεργείας τῶν ἐξτρεμιστῶν.

ΑΝΤΙΠΑΡΑΘΕΣΕΙΣ

ΕΒΙΑΝ, 12, (Ρώυτερ).— Αἱ γαλλικαὶ πρακτορεῖαι εἰδήσεων μεταδίδουν τηλεγραφήματα ἐκ τοῦ Ἐβιὰν, εἰς τὰ ὁποῖα τονίζεται ὅτι ἡ συμφωνία διὰ τὴν κατάπαυσιν τοῦ πυρὸς εἰς τὴν Ἀλγερίαν θὰ ὑπογραφῇ σήμερον. Εἰς τὸ Παρίσι ἐκφράζονται φόβοι διὰ τὰς ἐνεργείας τῶν ἐξτρεμιστῶν.

ΑΠΕΡΓΙΑ ΔΗΜΟΣΙΟΓΡΑΦΩΝ

ΕΒΙΑΝ, 12, (Ρώυτερ).— Αἱ γαλλικαὶ πρακτορεῖαι εἰδήσεων μεταδίδουν τηλεγραφήματα ἐκ

Η ΣΟΒΙΕΤ. ΕΝΩΣΙΣ ΔΕΝ ΘΑ ΠΑΡΑΧΩΡΗΣΗ
ΑΤΟΜΙΚΑ ΟΠΛΑ ΕΙΣ ΑΛΛΑΣ ΧΩΡΑΣ
ΕΑΝ ΚΑΙ ΟΙ ΔΥΤΙΚΟΙ ΠΡΑΞΟΥΝ ΤΟ ΙΔΙΟΝ
Προτείνει καὶ τὴν δημιουργίαν ἀπυραύλων ζωνῶν
εἰς Εὐρώπην, Ἀφρικήν, Ἄπω Ἀνατολήν, Ἀδριατικὴν

ΜΟΣΧΑ, 12, (Ρώυτερ καὶ Ἀσσ. Πρές).— Ἡ Σοβιετικὴ Ἕνωσις ἐδήλωσε σήμερον ὅτι δὲν θὰ παραχωρήσῃ ἀτομικὰ ὅπλα εἰς ἄλλας χώρας, ἐὰν καὶ αἱ δυτικαὶ δυνάμεις πράξουν τὸ ἴδιον. Προτείνει ἐπίσης τὴν δημιουργίαν ἀπυραύλων ζωνῶν.

ΜΟΣΧΑ, 12, (Ρώυτερ καὶ Ἀσσ. Πρές).— Ἡ Σοβιετικὴ Ἕνωσις ἐδήλωσε σήμερον ὅτι δὲν θὰ παραχωρήσῃ ἀτομικὰ ὅπλα εἰς ἄλλας χώρας, ἐὰν καὶ αἱ δυτικαὶ δυνάμεις πράξουν τὸ ἴδιον. Προτείνει ἐπίσης τὴν δημιουργίαν ἀπυραύλων ζωνῶν.

ΑΙ ΑΤΟΜΙΚΑΙ ΖΩΝΑΙ

ΜΟΣΧΑ, 12, (Ρώυτερ καὶ Ἀσσ. Πρές).— Ἡ Σοβιετικὴ Ἕνωσις ἐδήλωσε σήμερον ὅτι δὲν θὰ παραχωρήσῃ ἀτομικὰ ὅπλα εἰς ἄλλας χώρας, ἐὰν καὶ αἱ δυτικαὶ δυνάμεις πράξουν τὸ ἴδιον. Προτείνει ἐπίσης τὴν δημιουργίαν ἀπυραύλων ζωνῶν.

ΔΕΝ ΕΙΝΑΙ ΝΕΑΙ

ΜΟΣΧΑ, 12, (Ρώυτερ καὶ Ἀσσ. Πρές).— Ἡ Σοβιετικὴ Ἕνωσις ἐδήλωσε σήμερον ὅτι δὲν θὰ παραχωρήσῃ ἀτομικὰ ὅπλα εἰς ἄλλας χώρας, ἐὰν καὶ αἱ δυτικαὶ δυνάμεις πράξουν τὸ ἴδιον. Προτείνει ἐπίσης τὴν δημιουργίαν ἀπυραύλων ζωνῶν.

ΜΟΣΧΑ, 12, (Ρώυτερ καὶ Ἀσσ. Πρές).— Ἡ Σοβιετικὴ Ἕνωσις ἐδήλωσε σήμερον ὅτι δὲν θὰ παραχωρήσῃ ἀτομικὰ ὅπλα εἰς ἄλλας χώρας, ἐὰν καὶ αἱ δυτικαὶ δυνάμεις πράξουν τὸ ἴδιον. Προτείνει ἐπίσης τὴν δημιουργίαν ἀπυραύλων ζωνῶν.

Η ΔΙΑΣΚΕΨΙΣ

ΜΟΣΧΑ, 12, (Ρώυτερ καὶ Ἀσσ. Πρές).— Ἡ Σοβιετικὴ Ἕνωσις ἐδήλωσε σήμερον ὅτι δὲν θὰ παραχωρήσῃ ἀτομικὰ ὅπλα εἰς ἄλλας χώρας, ἐὰν καὶ αἱ δυτικαὶ δυνάμεις πράξουν τὸ ἴδιον. Προτείνει ἐπίσης τὴν δημιουργίαν ἀπυραύλων ζωνῶν.

ΜΟΣΧΑ, 12, (Ρώυτερ καὶ Ἀσσ. Πρές).— Ἡ Σοβιετικὴ Ἕνωσις ἐδήλωσε σήμερον ὅτι δὲν θὰ παραχωρήσῃ ἀτομικὰ ὅπλα εἰς ἄλλας χώρας, ἐὰν καὶ αἱ δυτικαὶ δυνάμεις πράξουν τὸ ἴδιον. Προτείνει ἐπίσης τὴν δημιουργίαν ἀπυραύλων ζωνῶν.

ΑΠΟΚΡΟΥΣΙΣ ΕΚΚΛΗΣΕΩΣ

ΜΟΣΧΑ, 12, (Ρώυτερ καὶ Ἀσσ. Πρές).— Ἡ Σοβιετικὴ Ἕνωσις ἐδήλωσε σήμερον ὅτι δὲν θὰ παραχωρήσῃ ἀτομικὰ ὅπλα εἰς ἄλλας χώρας, ἐὰν καὶ αἱ δυτικαὶ δυνάμεις πράξουν τὸ ἴδιον. Προτείνει ἐπίσης τὴν δημιουργίαν ἀπυραύλων ζωνῶν.

ΜΟΣΧΑ, 12, (Ρώυτερ καὶ Ἀσσ. Πρές).— Ἡ Σοβιετικὴ Ἕνωσις ἐδήλωσε σήμερον ὅτι δὲν θὰ παραχωρήσῃ ἀτομικὰ ὅπλα εἰς ἄλλας χώρας, ἐὰν καὶ αἱ δυτικαὶ δυνάμεις πράξουν τὸ ἴδιον. Προτείνει ἐπίσης τὴν δημιουργίαν ἀπυραύλων ζωνῶν.

Η ΚΥΒΕΡΝΗΣΙΣ ΤΟΥ ΛΟΝΔΙΝΟΥ ΑΝΤΙΜΕΤΩΠΙΖΕΙ
ΤΟ ΕΝΔΕΧΟΜΕΝΟΝ ΡΩΣΙΚΗΣ ΕΠΙΘΕΣΕΩΣ
ΣΤΡΕΦΟΜΕΝΗΣ ΜΟΝΟΝ ΚΑΤΑ ΤΗΣ ΑΓΓΛΙΑΣ
Δι' αὐτὸ καὶ ἐπιμένει νὰ διατηρῇ
ἀνεξάρτητον δύναμιν κρούσεως

ΛΟΝΔΙΝΟΝ, 12, (Ἀσσ. Πρές).— Ἡ βρεταννικὴ κυβέρνησις ἀντιμετωπίζει τὸ ἐνδεχόμενον ρωσικῆς ἐπιθέσεως στρεφομένης μόνον κατὰ τῆς Ἀγγλίας, δι' αὐτὸ καὶ ἐπιμένει νὰ διατηρῇ ἀνεξάρτητον δύναμιν κρούσεως.

ΛΟΝΔΙΝΟΝ, 12, (Ἀσσ. Πρές).— Ἡ βρεταννικὴ κυβέρνησις ἀντιμετωπίζει τὸ ἐνδεχόμενον ρωσικῆς ἐπιθέσεως στρεφομένης μόνον κατὰ τῆς Ἀγγλίας, δι' αὐτὸ καὶ ἐπιμένει νὰ διατηρῇ ἀνεξάρτητον δύναμιν κρούσεως.

ΛΟΝΔΙΝΟΝ, 12, (Ἀσσ. Πρές).— Ἡ βρεταννικὴ κυβέρνησις ἀντιμετωπίζει τὸ ἐνδεχόμενον ρωσικῆς ἐπιθέσεως στρεφομένης μόνον κατὰ τῆς Ἀγγλίας, δι' αὐτὸ καὶ ἐπιμένει νὰ διατηρῇ ἀνεξάρτητον δύναμιν κρούσεως.
